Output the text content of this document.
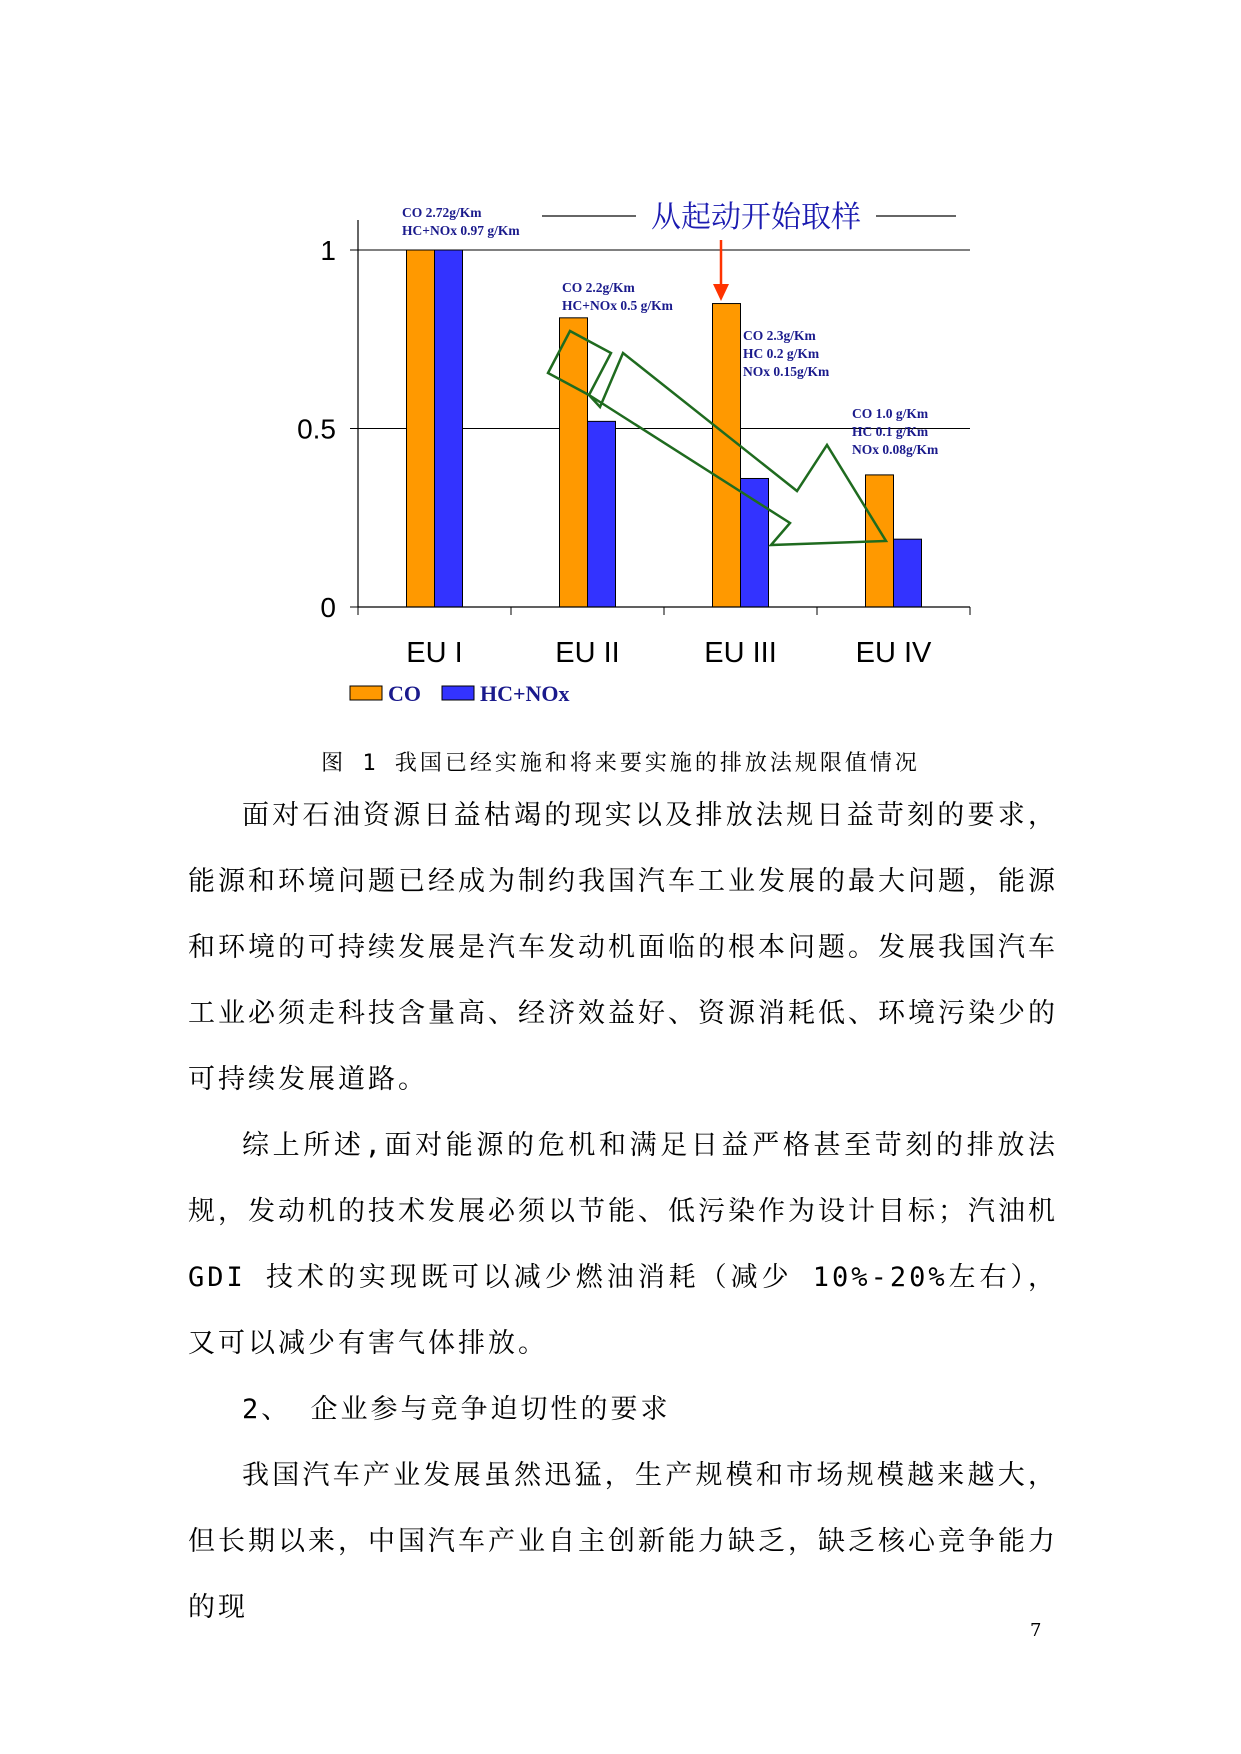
1
0.5
0
EU I	EU II	EU III	EU IV
CO 2.72g/Km
HC+NOx 0.97 g/Km
CO 2.2g/Km
HC+NOx 0.5 g/Km
CO 2.3g/Km
HC 0.2 g/Km
NOx 0.15g/Km
CO 1.0 g/Km
HC 0.1 g/Km
NOx 0.08g/Km
从起动开始取样
CO	HC+NOx
图 1 我国已经实施和将来要实施的排放法规限值情况

面对石油资源日益枯竭的现实以及排放法规日益苛刻的要求，能源和环境问题已经成为制约我国汽车工业发展的最大问题，能源和环境的可持续发展是汽车发动机面临的根本问题。发展我国汽车工业必须走科技含量高、经济效益好、资源消耗低、环境污染少的可持续发展道路。

综上所述,面对能源的危机和满足日益严格甚至苛刻的排放法规，发动机的技术发展必须以节能、低污染作为设计目标；汽油机 GDI 技术的实现既可以减少燃油消耗（减少 10%-20%左右），又可以减少有害气体排放。

2、 企业参与竞争迫切性的要求

我国汽车产业发展虽然迅猛，生产规模和市场规模越来越大，但长期以来，中国汽车产业自主创新能力缺乏，缺乏核心竞争能力的现

7
